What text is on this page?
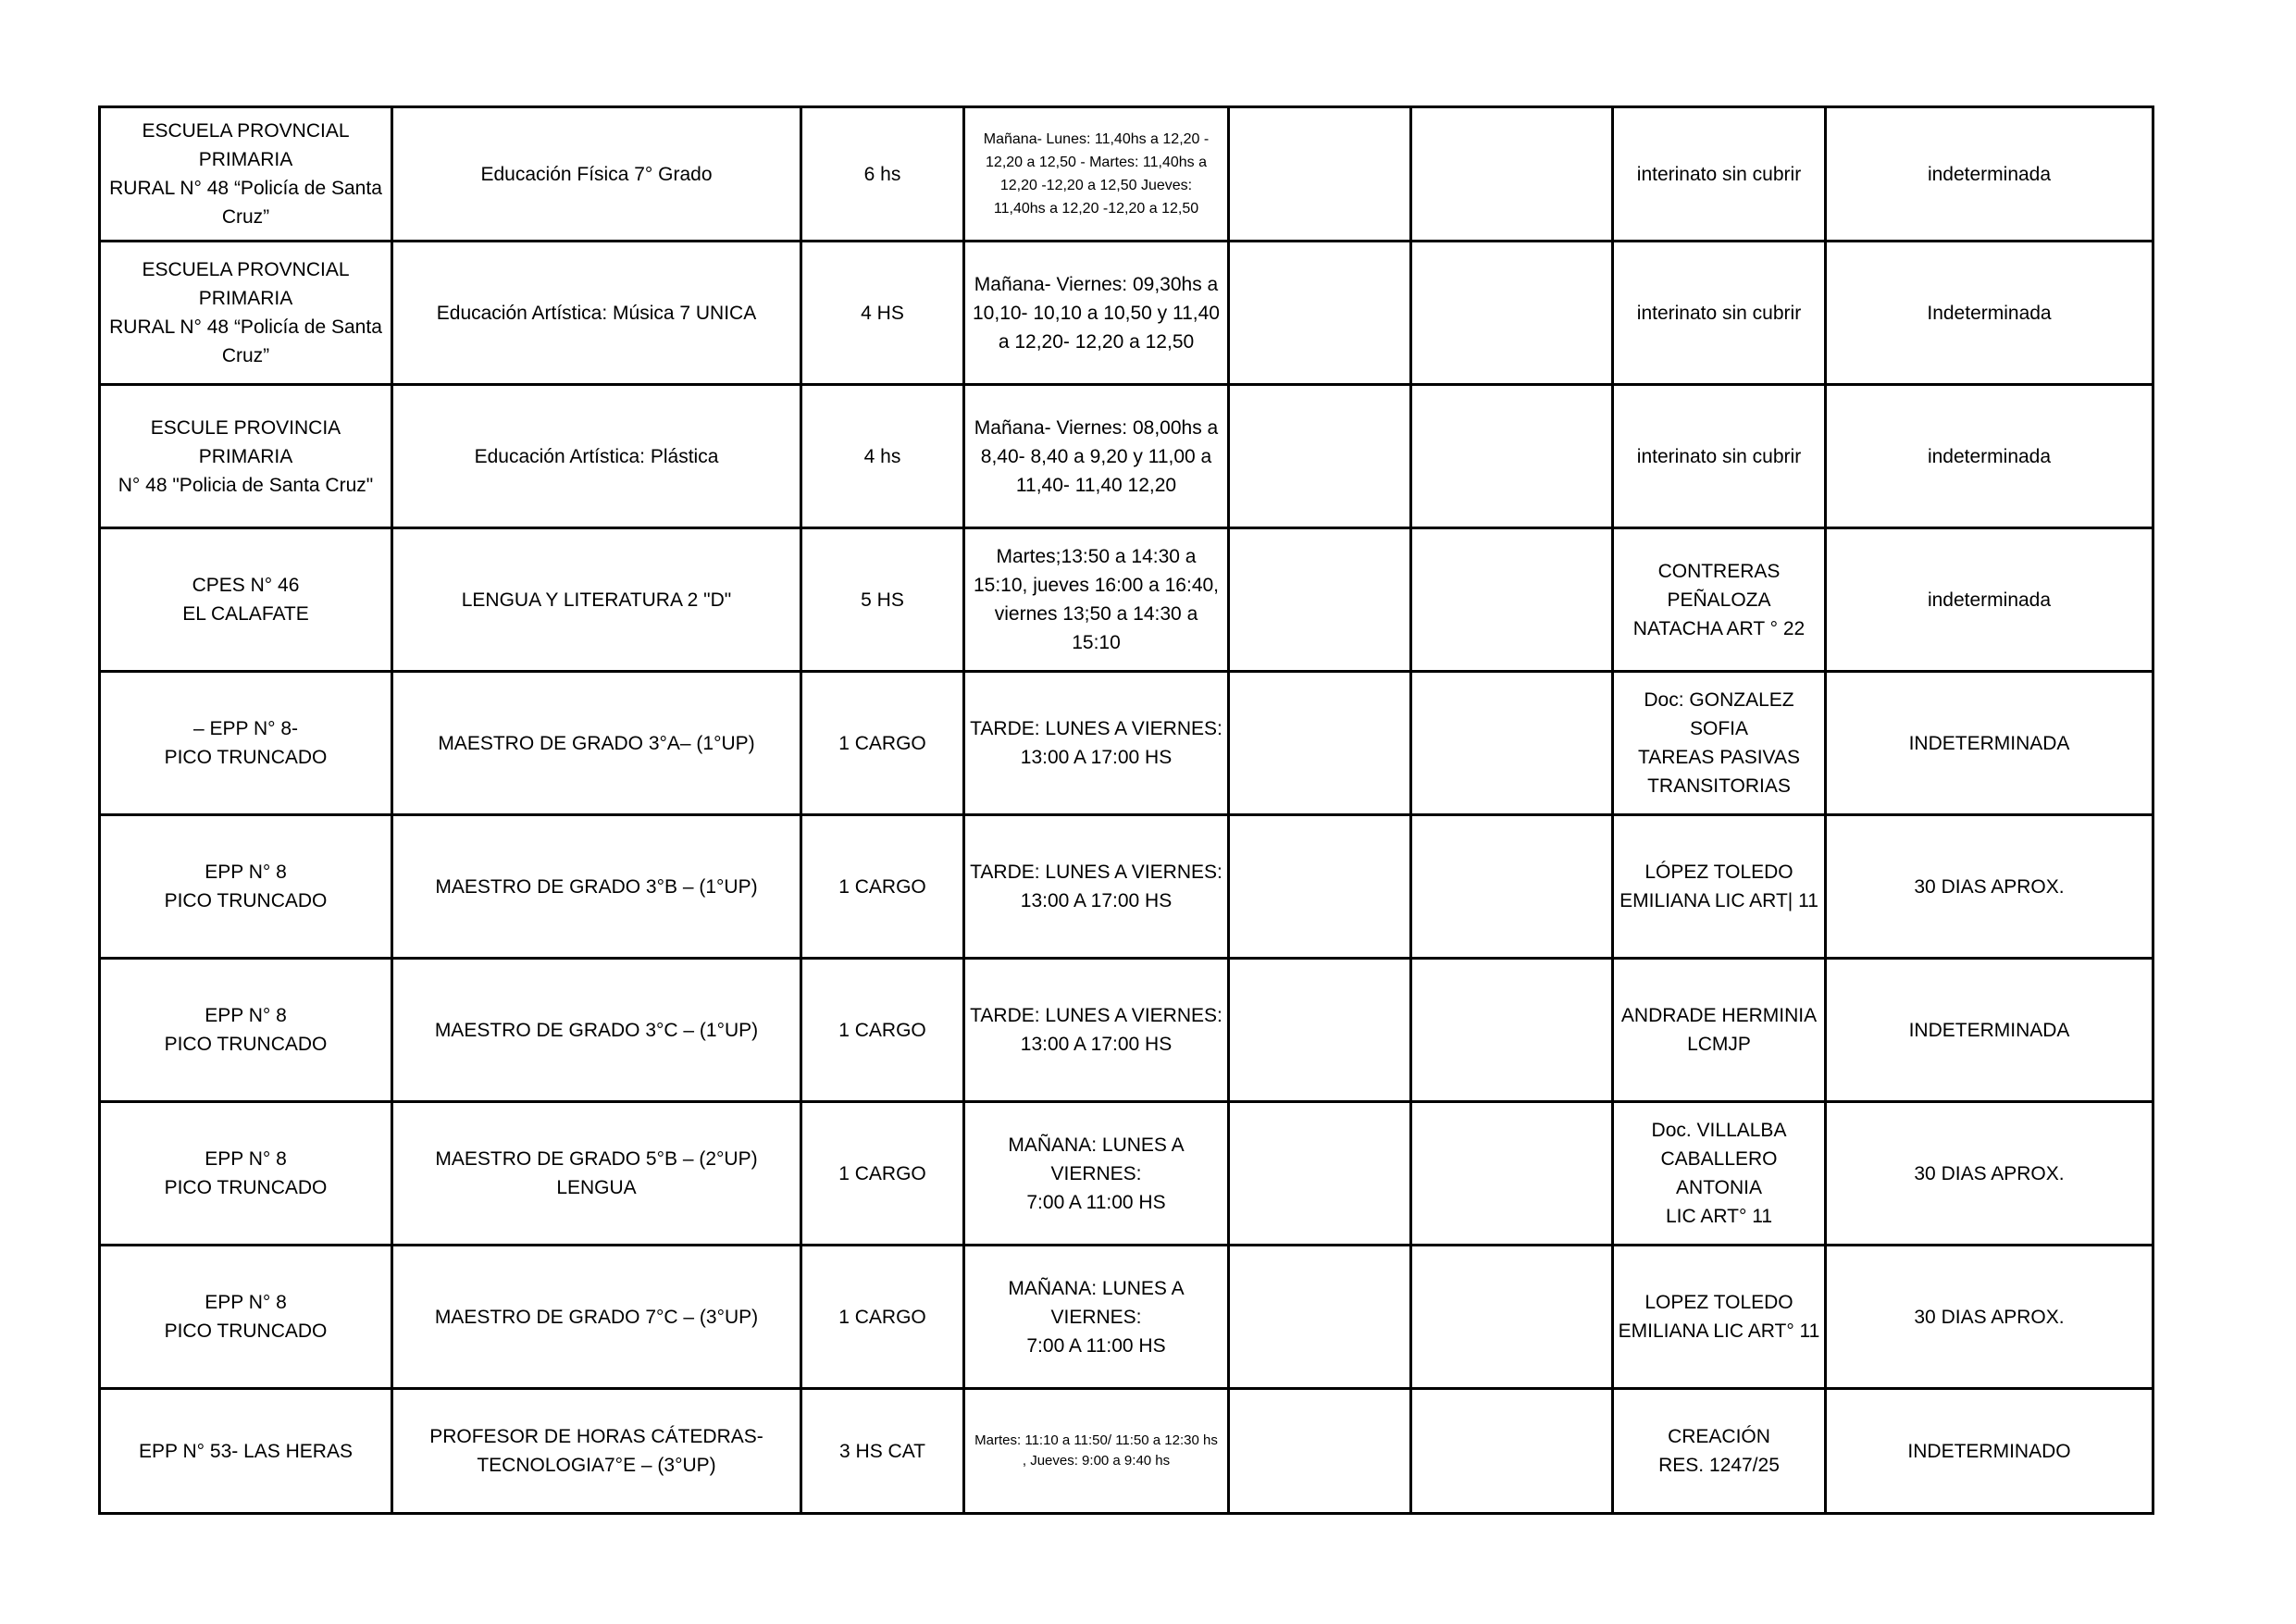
ESCUELA PROVNCIAL PRIMARIA
RURAL N° 48 “Policía de Santa
Cruz”	Educación Física 7° Grado	6 hs	Mañana- Lunes: 11,40hs a 12,20 -
12,20 a 12,50 - Martes: 11,40hs a
12,20 -12,20 a 12,50 Jueves:
11,40hs a 12,20 -12,20 a 12,50			interinato sin cubrir	indeterminada
ESCUELA PROVNCIAL PRIMARIA
RURAL N° 48 “Policía de Santa
Cruz”	Educación Artística: Música 7 UNICA	4 HS	Mañana- Viernes: 09,30hs a
10,10- 10,10 a 10,50 y 11,40
a 12,20- 12,20 a 12,50			interinato sin cubrir	Indeterminada
ESCULE PROVINCIA PRIMARIA
N° 48 "Policia de Santa Cruz"	Educación Artística: Plástica	4 hs	Mañana- Viernes: 08,00hs a
8,40- 8,40 a 9,20 y 11,00 a
11,40- 11,40 12,20			interinato sin cubrir	indeterminada
CPES N° 46
EL CALAFATE	LENGUA Y LITERATURA 2 "D"	5 HS	Martes;13:50 a 14:30 a
15:10, jueves 16:00 a 16:40,
viernes 13;50 a 14:30 a
15:10			CONTRERAS PEÑALOZA
NATACHA ART ° 22	indeterminada
– EPP N° 8-
PICO TRUNCADO	MAESTRO DE GRADO 3°A– (1°UP)	1 CARGO	TARDE: LUNES A VIERNES:
13:00 A 17:00 HS			Doc: GONZALEZ SOFIA
TAREAS PASIVAS
TRANSITORIAS	INDETERMINADA
EPP N° 8
PICO TRUNCADO	MAESTRO DE GRADO 3°B – (1°UP)	1 CARGO	TARDE: LUNES A VIERNES:
13:00 A 17:00 HS			LÓPEZ TOLEDO
EMILIANA LIC ART| 11	30 DIAS APROX.
EPP N° 8
PICO TRUNCADO	MAESTRO DE GRADO 3°C – (1°UP)	1 CARGO	TARDE: LUNES A VIERNES:
13:00 A 17:00 HS			ANDRADE HERMINIA
LCMJP	INDETERMINADA
EPP N° 8
PICO TRUNCADO	MAESTRO DE GRADO 5°B – (2°UP) LENGUA	1 CARGO	MAÑANA: LUNES A VIERNES:
7:00 A 11:00 HS			Doc. VILLALBA
CABALLERO ANTONIA
LIC ART° 11	30 DIAS APROX.
EPP N° 8
PICO TRUNCADO	MAESTRO DE GRADO 7°C – (3°UP)	1 CARGO	MAÑANA: LUNES A VIERNES:
7:00 A 11:00 HS			LOPEZ TOLEDO
EMILIANA LIC ART° 11	30 DIAS APROX.
EPP N° 53- LAS HERAS	PROFESOR DE HORAS CÁTEDRAS-
TECNOLOGIA7°E – (3°UP)	3 HS CAT	Martes: 11:10 a 11:50/ 11:50 a 12:30 hs
, Jueves: 9:00 a 9:40 hs			CREACIÓN
RES. 1247/25	INDETERMINADO
